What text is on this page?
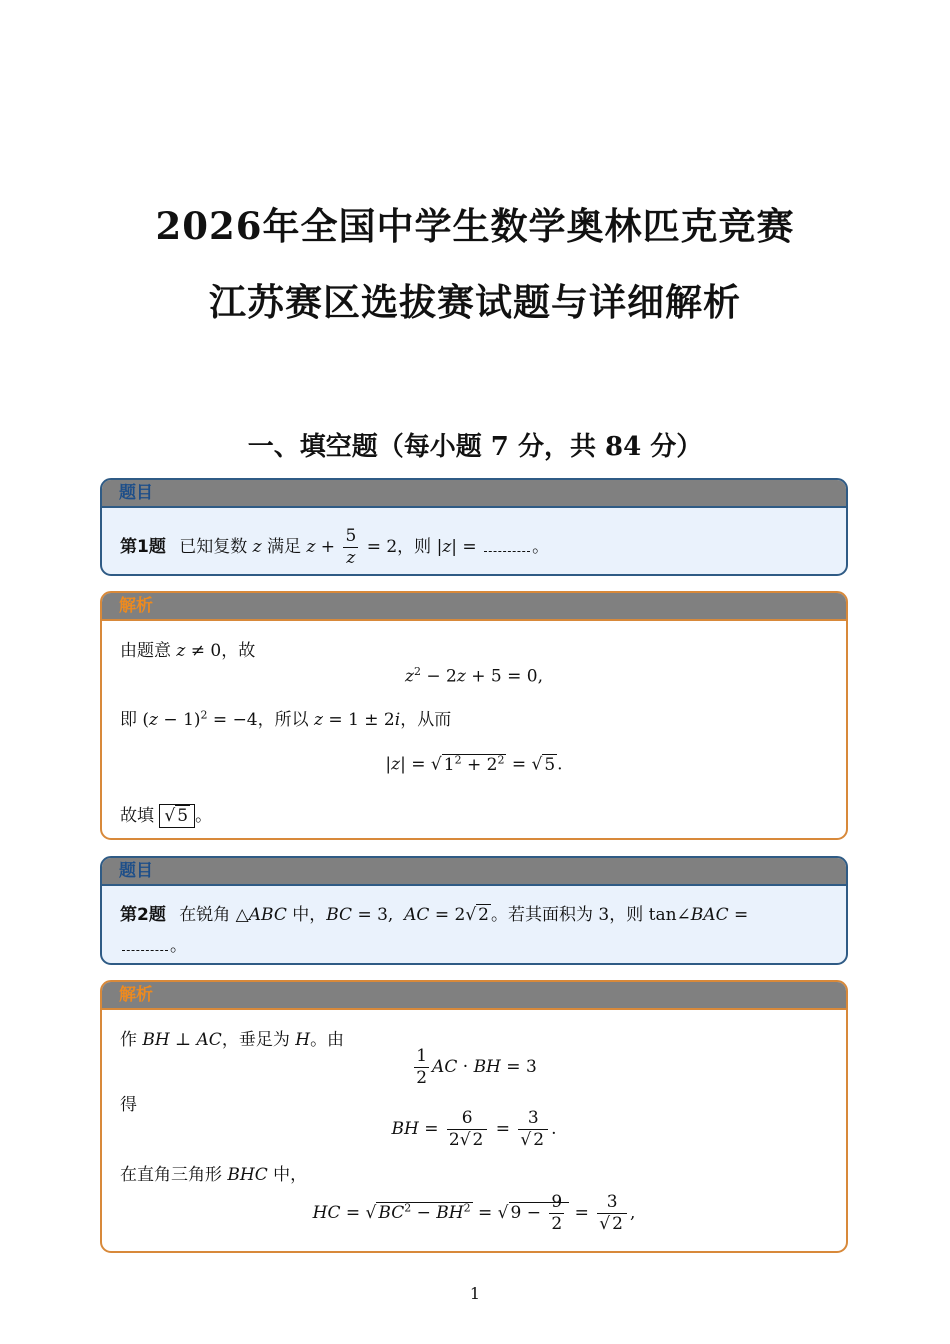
2026年全国中学生数学奥林匹克竞赛
江苏赛区选拔赛试题与详细解析
一、填空题（每小题 7 分，共 84 分）
题目
第1题 已知复数 z 满足 $z + \frac{5}{z} = 2$，则 |z| =	。
解析
由题意 z ≠ 0，故
$z^2 - 2z + 5 = 0$,
即 $(z - 1)^2 = -4$，所以 z = 1 ± 2i，从而
|z| = √ $1^2 + 2^2$ = √ 5 .
故填 √ 5 。
题目
第2题 在锐角 △ABC 中，BC = 3,  AC = 2√ 2 。若其面积为 3，则 tan∠BAC =
。
解析
作 BH ⊥ AC，垂足为 H。由
$\frac{1}{2}$ AC · BH = 3
得
BH = $\frac{6}{2√ 2} = \frac{3}{√ 2}$ .
在直角三角形 BHC 中，
HC = √ $BC^2 - BH^2$ = √ $9 - \frac{9}{2} = \frac{3}{√ 2}$ ,
1
